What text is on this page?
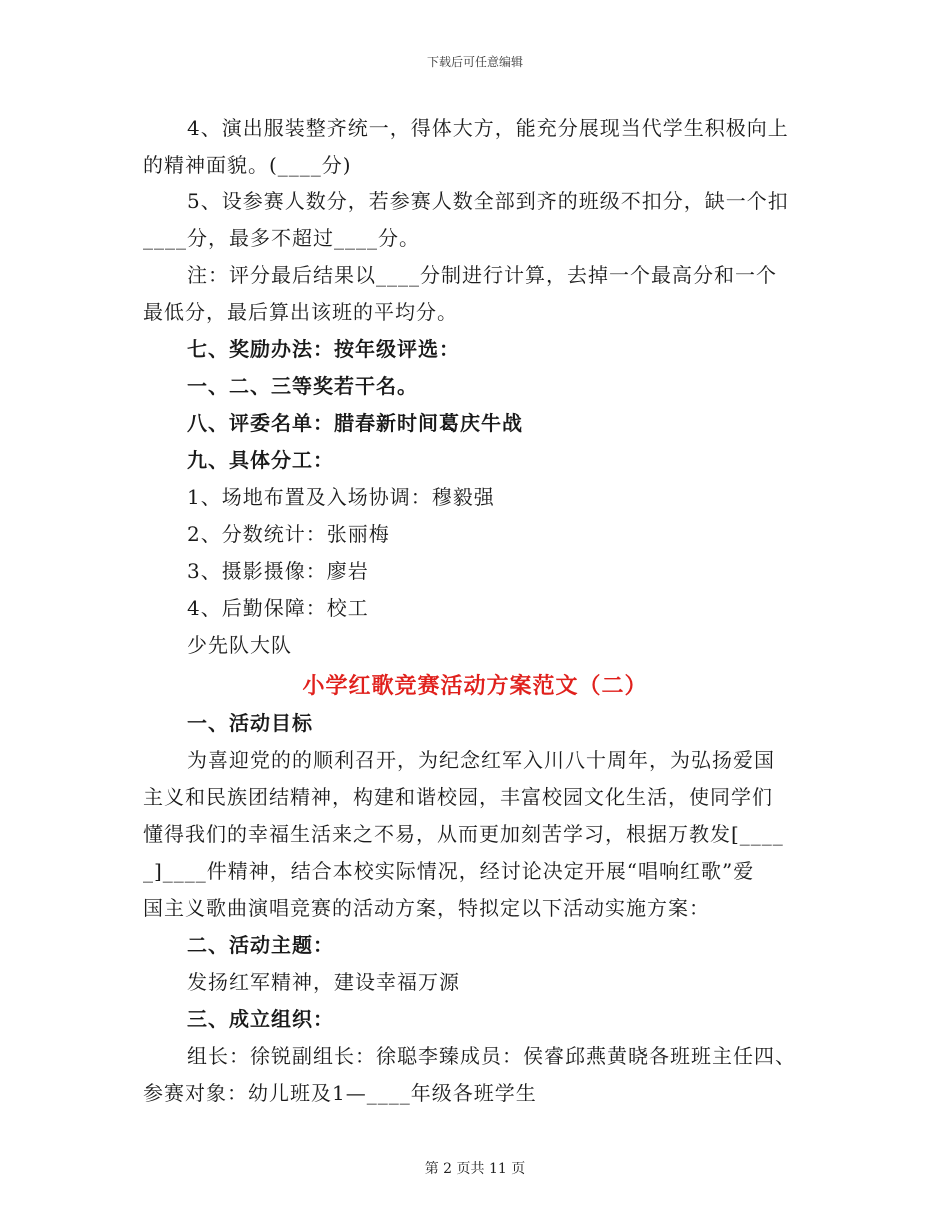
下载后可任意编辑
4、演出服装整齐统一，得体大方，能充分展现当代学生积极向上
的精神面貌。(____分)
5、设参赛人数分，若参赛人数全部到齐的班级不扣分，缺一个扣
____分，最多不超过____分。
注：评分最后结果以____分制进行计算，去掉一个最高分和一个
最低分，最后算出该班的平均分。
七、奖励办法：按年级评选：
一、二、三等奖若干名。
八、评委名单：腊春新时间葛庆牛战
九、具体分工：
1、场地布置及入场协调：穆毅强
2、分数统计：张丽梅
3、摄影摄像：廖岩
4、后勤保障：校工
少先队大队
小学红歌竞赛活动方案范文（二）
一、活动目标
为喜迎党的的顺利召开，为纪念红军入川八十周年，为弘扬爱国
主义和民族团结精神，构建和谐校园，丰富校园文化生活，使同学们
懂得我们的幸福生活来之不易，从而更加刻苦学习，根据万教发[____
_]____件精神，结合本校实际情况，经讨论决定开展“唱响红歌”爱
国主义歌曲演唱竞赛的活动方案，特拟定以下活动实施方案：
二、活动主题：
发扬红军精神，建设幸福万源
三、成立组织：
组长：徐锐副组长：徐聪李臻成员：侯睿邱燕黄晓各班班主任四、
参赛对象：幼儿班及1—____年级各班学生
第 2 页共 11 页
